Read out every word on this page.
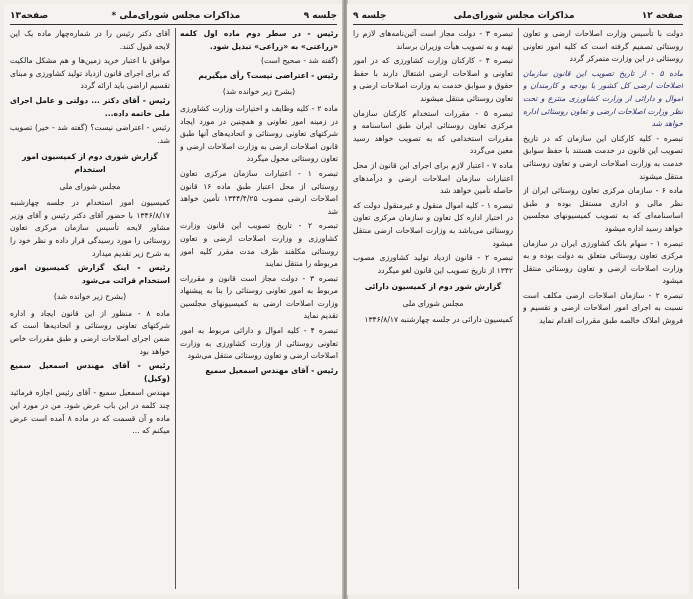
جلسه ۹
مذاکرات مجلس شورای‌ملی *
صفحه۱۳

آقای دکتر رئیس را در شماره‌چهار ماده یک این لایحه قبول کنند.

موافق با اعتبار خرید زمین‌ها و هم مشکل مالکیت که برای اجرای قانون ازدیاد تولید کشاورزی و مبنای تقسیم اراضی باید ارائه گردد

رئیس - آقای دکتر ... دولتی و عامل اجرای ملی خاتمه داده...

رئیس - اعتراضی نیست؟ (گفته شد - خیر) تصویب شد.

گزارش شوری دوم از کمیسیون امور استخدام

مجلس شورای ملی

کمیسیون امور استخدام در جلسه چهارشنبه ۱۳۴۶/۸/۱۷ با حضور آقای دکتر رئیس و آقای وزیر مشاور لایحه تأسیس سازمان مرکزی تعاون روستائی را مورد رسیدگی قرار داده و نظر خود را به شرح زیر تقدیم میدارد

رئیس - اینک گزارش کمیسیون امور استخدام قرائت می‌شود

(بشرح زیر خوانده شد)

ماده ۸ - منظور از این قانون ایجاد و اداره شرکتهای تعاونی روستائی و اتحادیه‌ها است که ضمن اجرای اصلاحات ارضی و طبق مقررات خاص خواهد بود

رئیس - آقای مهندس اسمعیل سمیع (وکیل)

مهندس اسمعیل سمیع - آقای رئیس اجازه فرمائید چند کلمه در این باب عرض شود. من در مورد این ماده و آن قسمت که در ماده ۸ آمده است عرض میکنم که ...

رئیس - در سطر دوم ماده اول کلمه «زراعتی» به «زراعی» تبدیل شود.

(گفته شد - صحیح است)

رئیس - اعتراضی نیست؟ رأی میگیریم

(بشرح زیر خوانده شد)

ماده ۲ - کلیه وظایف و اختیارات وزارت کشاورزی در زمینه امور تعاونی و همچنین در مورد ایجاد شرکتهای تعاونی روستائی و اتحادیه‌های آنها طبق قانون اصلاحات ارضی به وزارت اصلاحات ارضی و تعاون روستائی محول میگردد

تبصره ۱ - اعتبارات سازمان مرکزی تعاون روستائی از محل اعتبار طبق ماده ۱۶ قانون اصلاحات ارضی مصوب ۱۳۴۴/۴/۲۵ تأمین خواهد شد

تبصره ۲ - تاریخ تصویب این قانون وزارت کشاورزی و وزارت اصلاحات ارضی و تعاون روستائی مکلفند ظرف مدت مقرر کلیه امور مربوطه را منتقل نمایند

تبصره ۳ - دولت مجاز است قانون و مقررات مربوط به امور تعاونی روستائی را بنا به پیشنهاد وزارت اصلاحات ارضی به کمیسیونهای مجلسین تقدیم نماید

تبصره ۴ - کلیه اموال و دارائی مربوط به امور تعاونی روستائی از وزارت کشاورزی به وزارت اصلاحات ارضی و تعاون روستائی منتقل می‌شود

رئیس - آقای مهندس اسمعیل سمیع

صفحه ۱۲
مذاکرات مجلس شورای‌ملی
جلسه ۹

تبصره ۳ - دولت مجاز است آئین‌نامه‌های لازم را تهیه و به تصویب هیأت وزیران برساند

تبصره ۴ - کارکنان وزارت کشاورزی که در امور تعاونی و اصلاحات ارضی اشتغال دارند با حفظ حقوق و سوابق خدمت به وزارت اصلاحات ارضی و تعاون روستائی منتقل میشوند

تبصره ۵ - مقررات استخدام کارکنان سازمان مرکزی تعاون روستائی ایران طبق اساسنامه و مقررات استخدامی که به تصویب خواهد رسید معین می‌گردد

ماده ۷ - اعتبار لازم برای اجرای این قانون از محل اعتبارات سازمان اصلاحات ارضی و درآمدهای حاصله تأمین خواهد شد

تبصره ۱ - کلیه اموال منقول و غیرمنقول دولت که در اختیار اداره کل تعاون و سازمان مرکزی تعاون روستائی می‌باشد به وزارت اصلاحات ارضی منتقل میشود

تبصره ۲ - قانون ازدیاد تولید کشاورزی مصوب ۱۳۴۲ از تاریخ تصویب این قانون لغو میگردد

گزارش شور دوم از کمیسیون دارائی

مجلس شورای ملی

کمیسیون دارائی در جلسه چهارشنبه ۱۳۴۶/۸/۱۷

دولت با تأسیس وزارت اصلاحات ارضی و تعاون روستائی تصمیم گرفته است که کلیه امور تعاونی روستائی در این وزارت متمرکز گردد

ماده ۵ - از تاریخ تصویب این قانون سازمان اصلاحات ارضی کل کشور با بودجه و کارمندان و اموال و دارائی از وزارت کشاورزی منتزع و تحت نظر وزارت اصلاحات ارضی و تعاون روستائی اداره خواهد شد

تبصره - کلیه کارکنان این سازمان که در تاریخ تصویب این قانون در خدمت هستند با حفظ سوابق خدمت به وزارت اصلاحات ارضی و تعاون روستائی منتقل میشوند

ماده ۶ - سازمان مرکزی تعاون روستائی ایران از نظر مالی و اداری مستقل بوده و طبق اساسنامه‌ای که به تصویب کمیسیونهای مجلسین خواهد رسید اداره میشود

تبصره ۱ - سهام بانک کشاورزی ایران در سازمان مرکزی تعاون روستائی متعلق به دولت بوده و به وزارت اصلاحات ارضی و تعاون روستائی منتقل میشود

تبصره ۲ - سازمان اصلاحات ارضی مکلف است نسبت به اجرای امور اصلاحات ارضی و تقسیم و فروش املاک خالصه طبق مقررات اقدام نماید
